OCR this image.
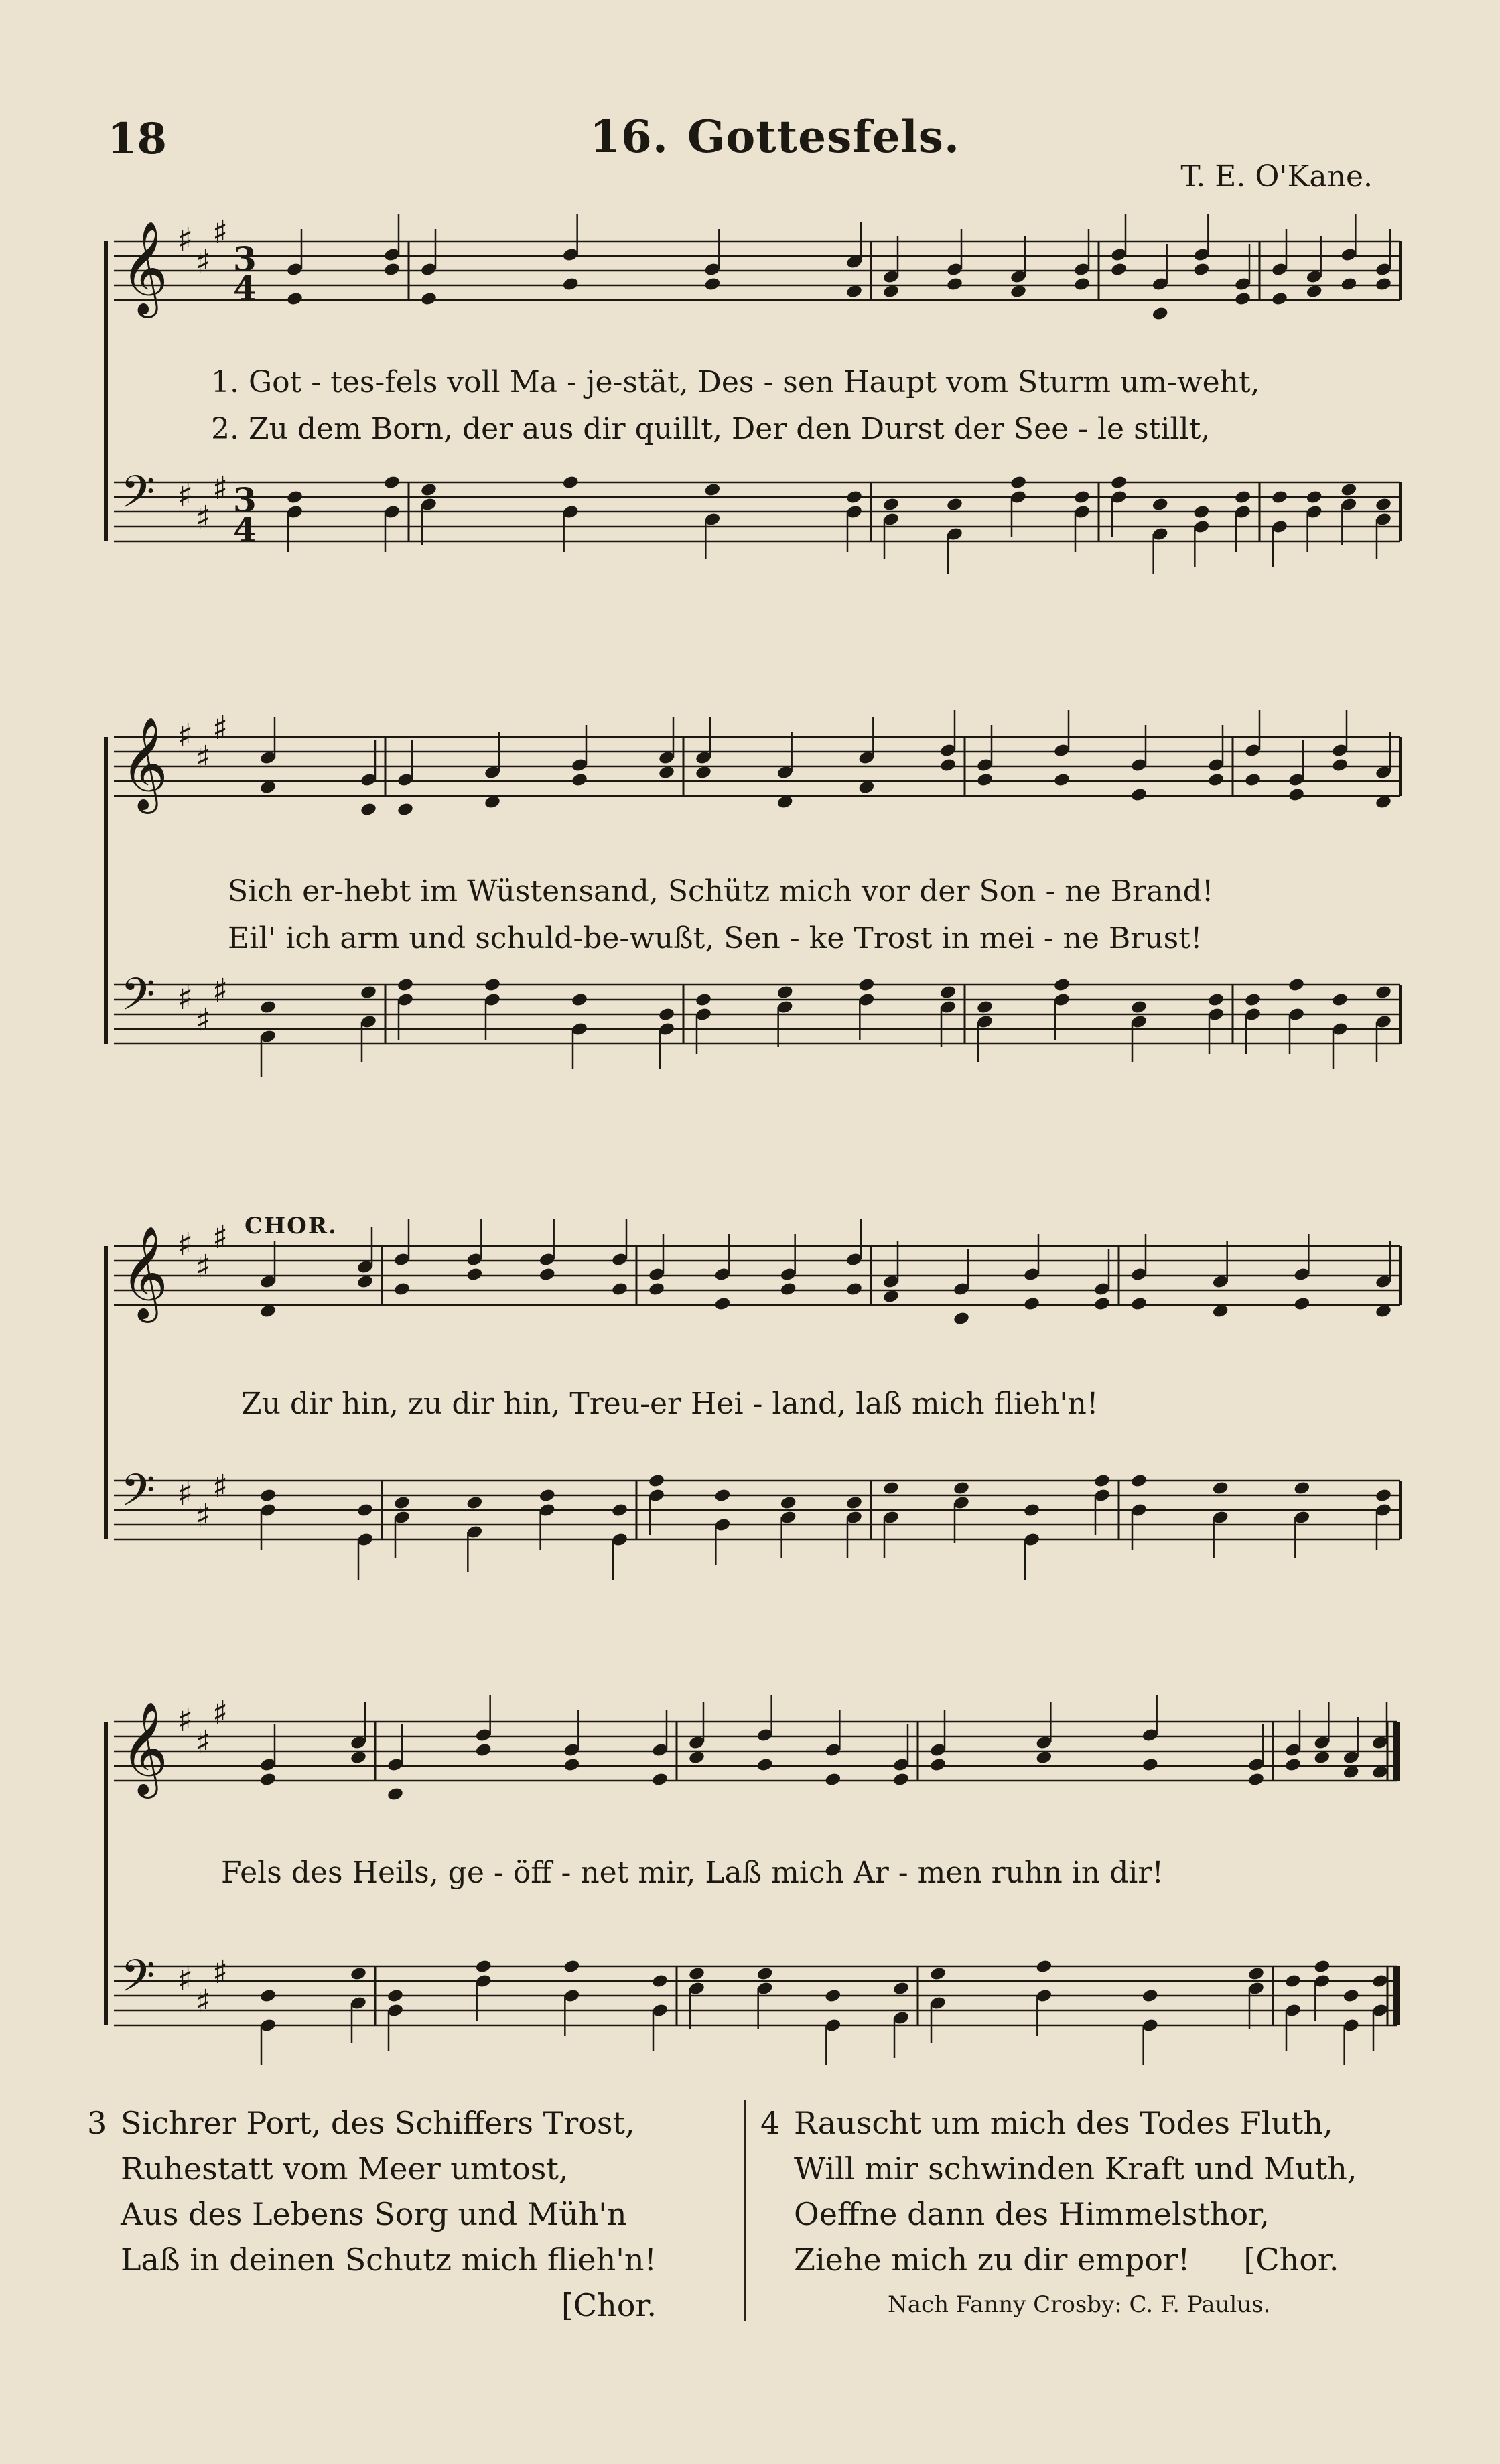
18	16. Gottesfels.
T. E. O'Kane.
𝄞 ♯
♯
♯
3
4
𝄢 ♯
♯
♯ 3
4
1. Got - tes-fels voll Ma - je-stät, Des - sen Haupt vom Sturm um-weht,
2. Zu dem Born, der aus dir quillt, Der den Durst der See - le stillt,
𝄞 ♯
♯
♯
𝄢 ♯
♯
♯
Sich er-hebt im Wüstensand, Schütz mich vor der Son - ne Brand!
Eil' ich arm und schuld-be-wußt, Sen - ke Trost in mei - ne Brust!
CHOR.
Zu dir hin, zu dir hin, Treu-er Hei - land, laß mich flieh'n!
𝄞 ♯
♯
♯
𝄢 ♯
♯
♯
𝄞 ♯
♯
♯
𝄢 ♯
♯
♯
Fels des Heils, ge - öff - net mir, Laß mich Ar - men ruhn in dir!
3 Sichrer Port, des Schiffers Trost,
Ruhestatt vom Meer umtost,
Aus des Lebens Sorg und Müh'n
Laß in deinen Schutz mich flieh'n!
[Chor.
4 Rauscht um mich des Todes Fluth,
Will mir schwinden Kraft und Muth,
Oeffne dann des Himmelsthor,
Ziehe mich zu dir empor! [Chor.
Nach Fanny Crosby: C. F. Paulus.
